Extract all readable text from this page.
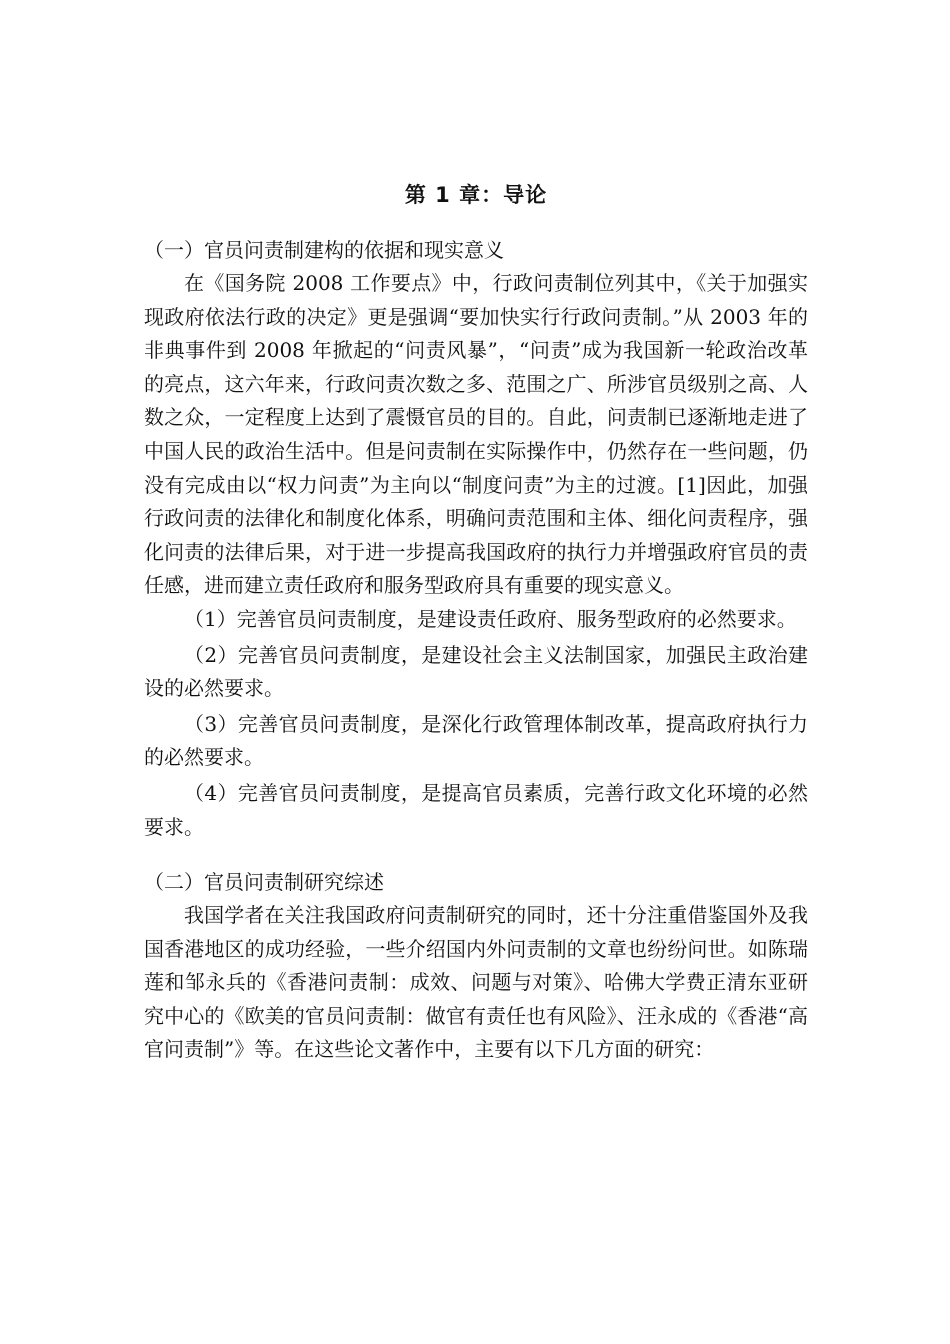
第 1 章：导论
（一）官员问责制建构的依据和现实意义

在《国务院 2008 工作要点》中，行政问责制位列其中，《关于加强实现政府依法行政的决定》更是强调“要加快实行行政问责制。”从 2003 年的非典事件到 2008 年掀起的“问责风暴”，“问责”成为我国新一轮政治改革的亮点，这六年来，行政问责次数之多、范围之广、所涉官员级别之高、人数之众，一定程度上达到了震慑官员的目的。自此，问责制已逐渐地走进了中国人民的政治生活中。但是问责制在实际操作中，仍然存在一些问题，仍没有完成由以“权力问责”为主向以“制度问责”为主的过渡。[1]因此，加强行政问责的法律化和制度化体系，明确问责范围和主体、细化问责程序，强化问责的法律后果，对于进一步提高我国政府的执行力并增强政府官员的责任感，进而建立责任政府和服务型政府具有重要的现实意义。

（1）完善官员问责制度，是建设责任政府、服务型政府的必然要求。

（2）完善官员问责制度，是建设社会主义法制国家，加强民主政治建设的必然要求。

（3）完善官员问责制度，是深化行政管理体制改革，提高政府执行力的必然要求。

（4）完善官员问责制度，是提高官员素质，完善行政文化环境的必然要求。

（二）官员问责制研究综述

我国学者在关注我国政府问责制研究的同时，还十分注重借鉴国外及我国香港地区的成功经验，一些介绍国内外问责制的文章也纷纷问世。如陈瑞莲和邹永兵的《香港问责制：成效、问题与对策》、哈佛大学费正清东亚研究中心的《欧美的官员问责制：做官有责任也有风险》、汪永成的《香港“高官问责制”》等。在这些论文著作中，主要有以下几方面的研究：
